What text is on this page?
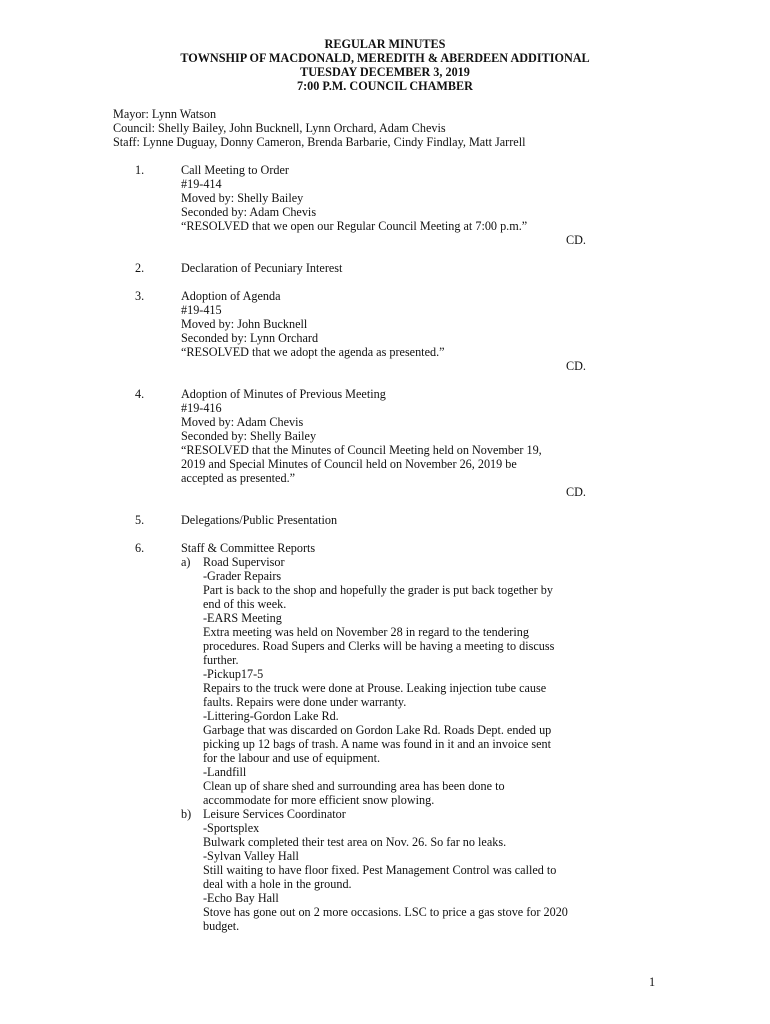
REGULAR MINUTES
TOWNSHIP OF MACDONALD, MEREDITH & ABERDEEN ADDITIONAL
TUESDAY DECEMBER 3, 2019
7:00 P.M. COUNCIL CHAMBER
Mayor: Lynn Watson
Council: Shelly Bailey, John Bucknell, Lynn Orchard, Adam Chevis
Staff: Lynne Duguay, Donny Cameron, Brenda Barbarie, Cindy Findlay, Matt Jarrell
1.	Call Meeting to Order
#19-414
Moved by: Shelly Bailey
Seconded by: Adam Chevis
“RESOLVED that we open our Regular Council Meeting at 7:00 p.m.”
CD.
2.	Declaration of Pecuniary Interest
3.	Adoption of Agenda
#19-415
Moved by: John Bucknell
Seconded by: Lynn Orchard
“RESOLVED that we adopt the agenda as presented.”
CD.
4.	Adoption of Minutes of Previous Meeting
#19-416
Moved by: Adam Chevis
Seconded by: Shelly Bailey
“RESOLVED that the Minutes of Council Meeting held on November 19,
2019 and Special Minutes of Council held on November 26, 2019 be
accepted as presented.”
CD.
5.	Delegations/Public Presentation
6.	Staff & Committee Reports
a) Road Supervisor
-Grader Repairs
Part is back to the shop and hopefully the grader is put back together by
end of this week.
-EARS Meeting
Extra meeting was held on November 28 in regard to the tendering
procedures. Road Supers and Clerks will be having a meeting to discuss
further.
-Pickup17-5
Repairs to the truck were done at Prouse. Leaking injection tube cause
faults. Repairs were done under warranty.
-Littering-Gordon Lake Rd.
Garbage that was discarded on Gordon Lake Rd. Roads Dept. ended up
picking up 12 bags of trash. A name was found in it and an invoice sent
for the labour and use of equipment.
-Landfill
Clean up of share shed and surrounding area has been done to
accommodate for more efficient snow plowing.
b) Leisure Services Coordinator
-Sportsplex
Bulwark completed their test area on Nov. 26. So far no leaks.
-Sylvan Valley Hall
Still waiting to have floor fixed. Pest Management Control was called to
deal with a hole in the ground.
-Echo Bay Hall
Stove has gone out on 2 more occasions. LSC to price a gas stove for 2020
budget.
1
